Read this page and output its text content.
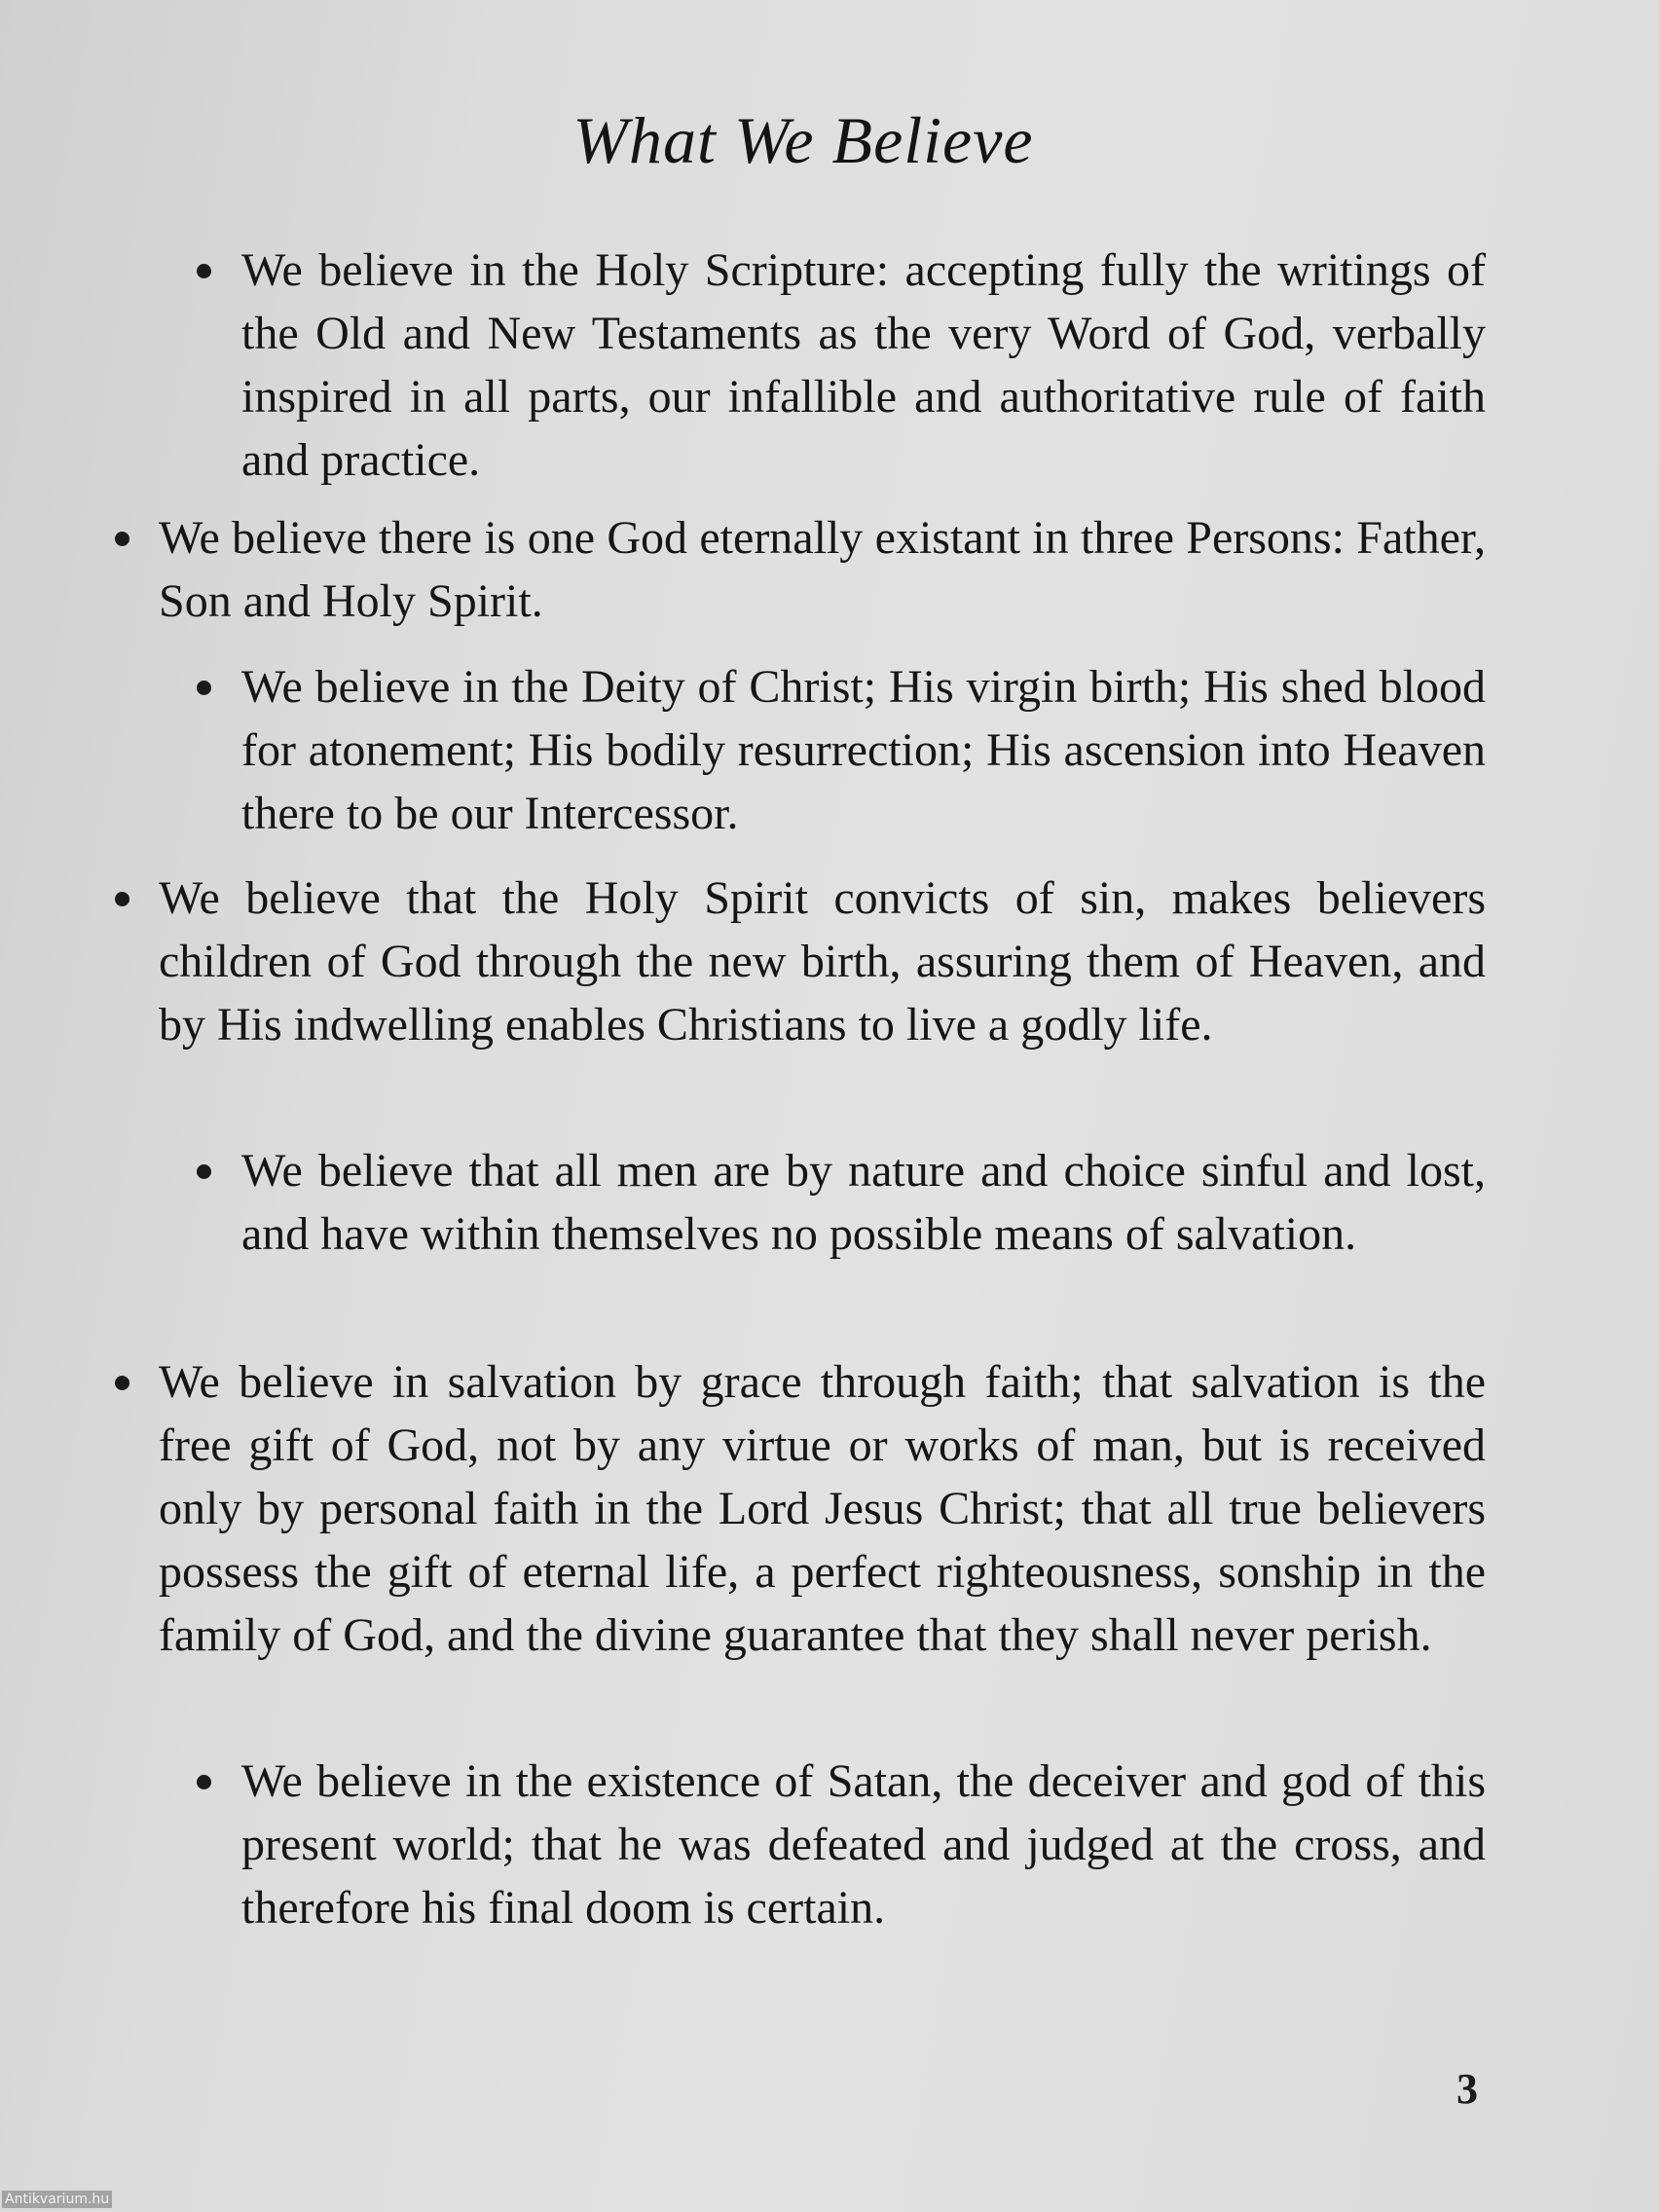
What We Believe
We believe in the Holy Scripture: accepting fully the writings of the Old and New Testaments as the very Word of God, verbally inspired in all parts, our infallible and authoritative rule of faith and practice.
We believe there is one God eternally existant in three Persons: Father, Son and Holy Spirit.
We believe in the Deity of Christ; His virgin birth; His shed blood for atonement; His bodily resurrection; His ascension into Heaven there to be our Intercessor.
We believe that the Holy Spirit convicts of sin, makes believers children of God through the new birth, assuring them of Heaven, and by His indwelling enables Christians to live a godly life.
We believe that all men are by nature and choice sinful and lost, and have within themselves no possible means of salvation.
We believe in salvation by grace through faith; that salvation is the free gift of God, not by any virtue or works of man, but is received only by personal faith in the Lord Jesus Christ; that all true believers possess the gift of eternal life, a perfect righteousness, sonship in the family of God, and the divine guarantee that they shall never perish.
We believe in the existence of Satan, the deceiver and god of this present world; that he was defeated and judged at the cross, and therefore his final doom is certain.
3
Antikvarium.hu
